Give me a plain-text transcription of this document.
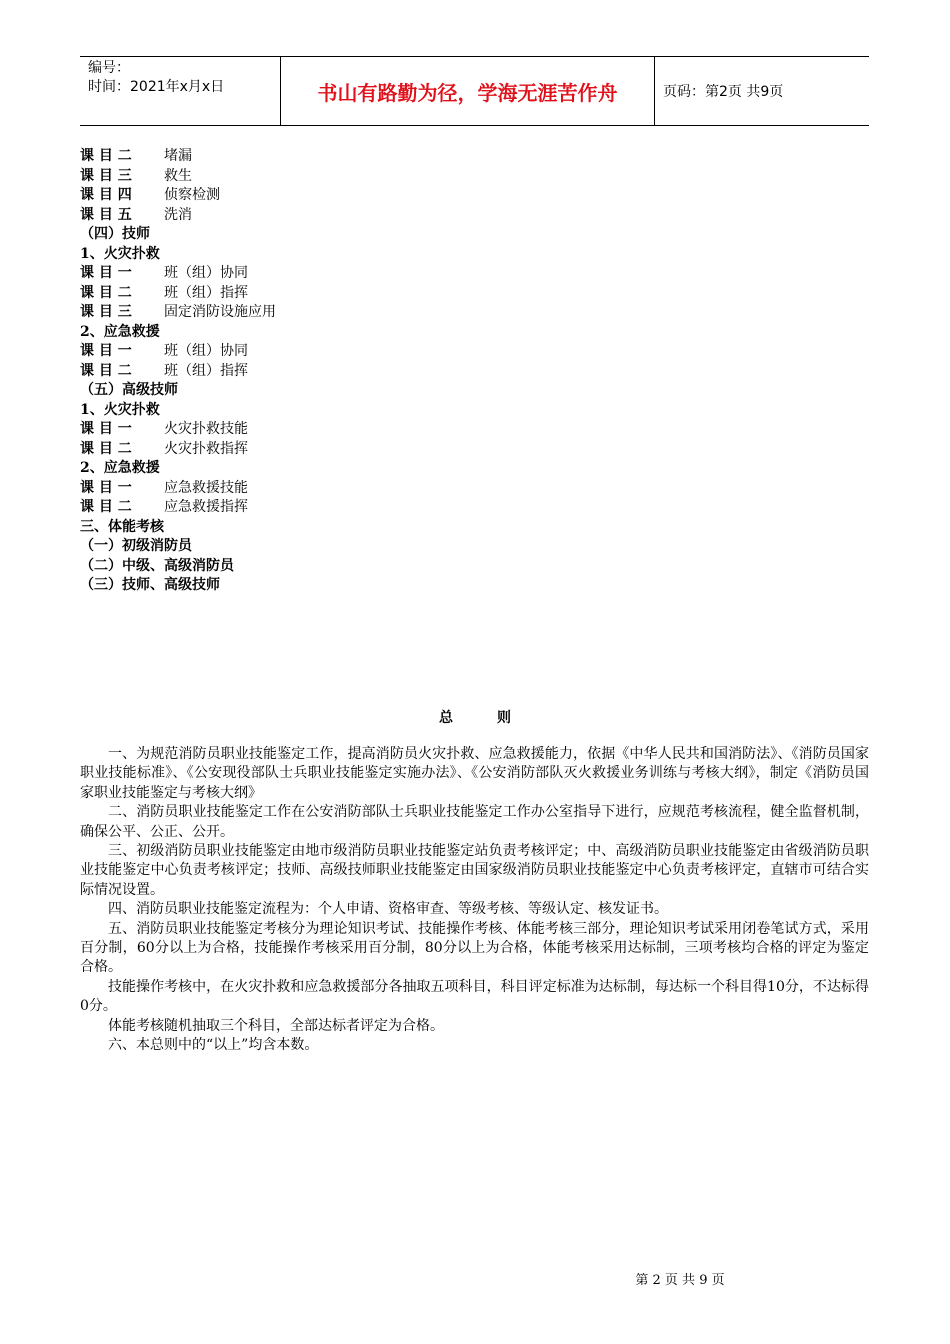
编号：
时间：2021年x月x日	书山有路勤为径，学海无涯苦作舟	页码：第2页 共9页
课 目 二 堵漏
课 目 三 救生
课 目 四 侦察检测
课 目 五 洗消
（四）技师
1、火灾扑救
课 目 一 班（组）协同
课 目 二 班（组）指挥
课 目 三 固定消防设施应用
2、应急救援
课 目 一 班（组）协同
课 目 二 班（组）指挥
（五）高级技师
1、火灾扑救
课 目 一 火灾扑救技能
课 目 二 火灾扑救指挥
2、应急救援
课 目 一 应急救援技能
课 目 二 应急救援指挥
三、体能考核
（一）初级消防员
（二）中级、高级消防员
（三）技师、高级技师
总则

一、为规范消防员职业技能鉴定工作，提高消防员火灾扑救、应急救援能力，依据《中华人民共和国消防法》、《消防员国家职业技能标准》、《公安现役部队士兵职业技能鉴定实施办法》、《公安消防部队灭火救援业务训练与考核大纲》，制定《消防员国家职业技能鉴定与考核大纲》

二、消防员职业技能鉴定工作在公安消防部队士兵职业技能鉴定工作办公室指导下进行，应规范考核流程，健全监督机制，确保公平、公正、公开。

三、初级消防员职业技能鉴定由地市级消防员职业技能鉴定站负责考核评定；中、高级消防员职业技能鉴定由省级消防员职业技能鉴定中心负责考核评定；技师、高级技师职业技能鉴定由国家级消防员职业技能鉴定中心负责考核评定，直辖市可结合实际情况设置。

四、消防员职业技能鉴定流程为：个人申请、资格审查、等级考核、等级认定、核发证书。

五、消防员职业技能鉴定考核分为理论知识考试、技能操作考核、体能考核三部分，理论知识考试采用闭卷笔试方式，采用百分制，60分以上为合格，技能操作考核采用百分制，80分以上为合格，体能考核采用达标制，三项考核均合格的评定为鉴定合格。

技能操作考核中，在火灾扑救和应急救援部分各抽取五项科目，科目评定标准为达标制，每达标一个科目得10分，不达标得0分。

体能考核随机抽取三个科目，全部达标者评定为合格。

六、本总则中的“以上”均含本数。

第 2 页 共 9 页
